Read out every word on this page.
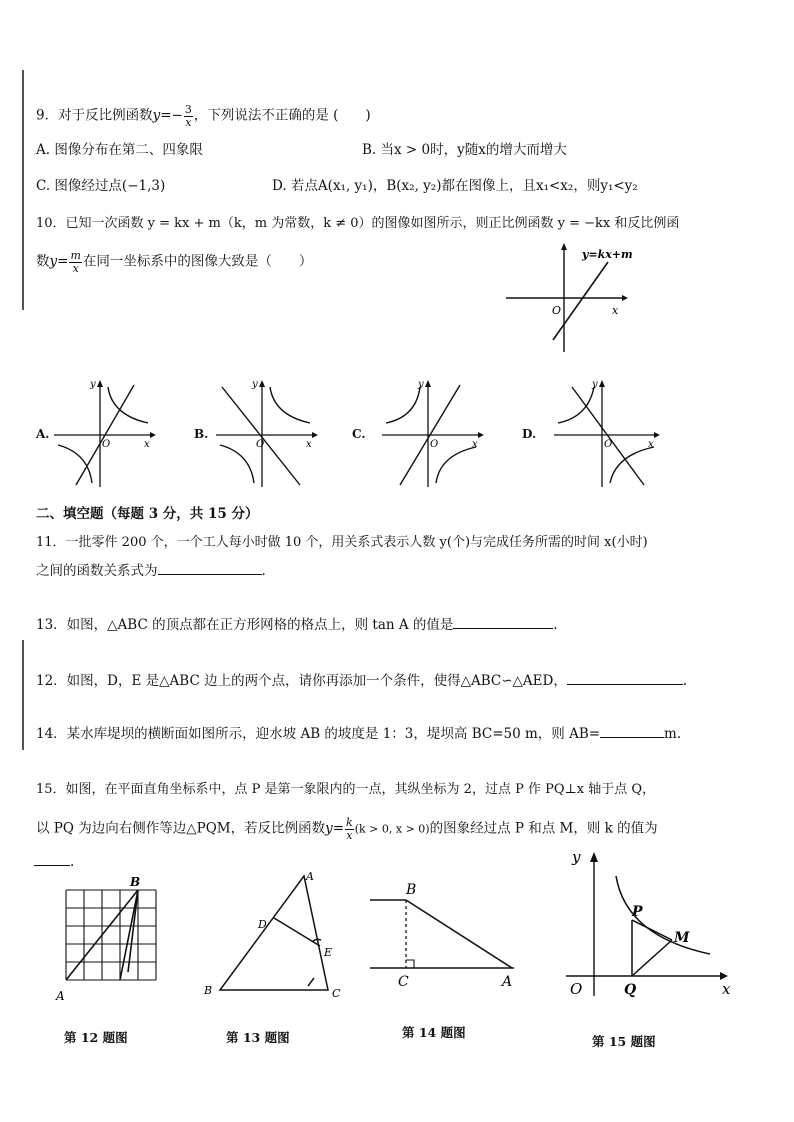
9．对于反比例函数$y=- \frac{3}{x}$ ，下列说法不正确的是 (　　)
A. 图像分布在第二、四象限	B. 当x > 0时，y随x的增大而增大
C. 图像经过点(−1,3)	D. 若点A(x₁, y₁)，B(x₂, y₂)都在图像上，且x₁<x₂，则y₁<y₂
10．已知一次函数 y = kx + m（k，m 为常数，k ≠ 0）的图像如图所示，则正比例函数 y = −kx 和反比例函
数$y= \frac{m}{x}$ 在同一坐标系中的图像大致是（　　）	y=kx+m
O	x
A.
y
O	x
B.
y
O	x
C.
y
O	x
D.
y
O	x
二、填空题（每题 3 分，共 15 分）
11．一批零件 200 个，一个工人每小时做 10 个，用关系式表示人数 y(个)与完成任务所需的时间 x(小时)
之间的函数关系式为	.
13．如图，△ABC 的顶点都在正方形网格的格点上，则 tan A 的值是	.
12．如图，D，E 是△ABC 边上的两个点，请你再添加一个条件，使得△ABC∽△AED，	.
14．某水库堤坝的横断面如图所示，迎水坡 AB 的坡度是 1：3，堤坝高 BC=50 m，则 AB=	m.
15．如图，在平面直角坐标系中，点 P 是第一象限内的一点，其纵坐标为 2，过点 P 作 PQ⊥x 轴于点 Q，
以 PQ 为边向右侧作等边△PQM，若反比例函数$y= \frac{k}{x} (k > 0$, x > 0)的图象经过点 P 和点 M，则 k 的值为
.
A
B
第 12 题图
A
B	C
D
E
第 13 题图
B
C	A
第 14 题图
y
x
O
P
Q
M
第 15 题图
